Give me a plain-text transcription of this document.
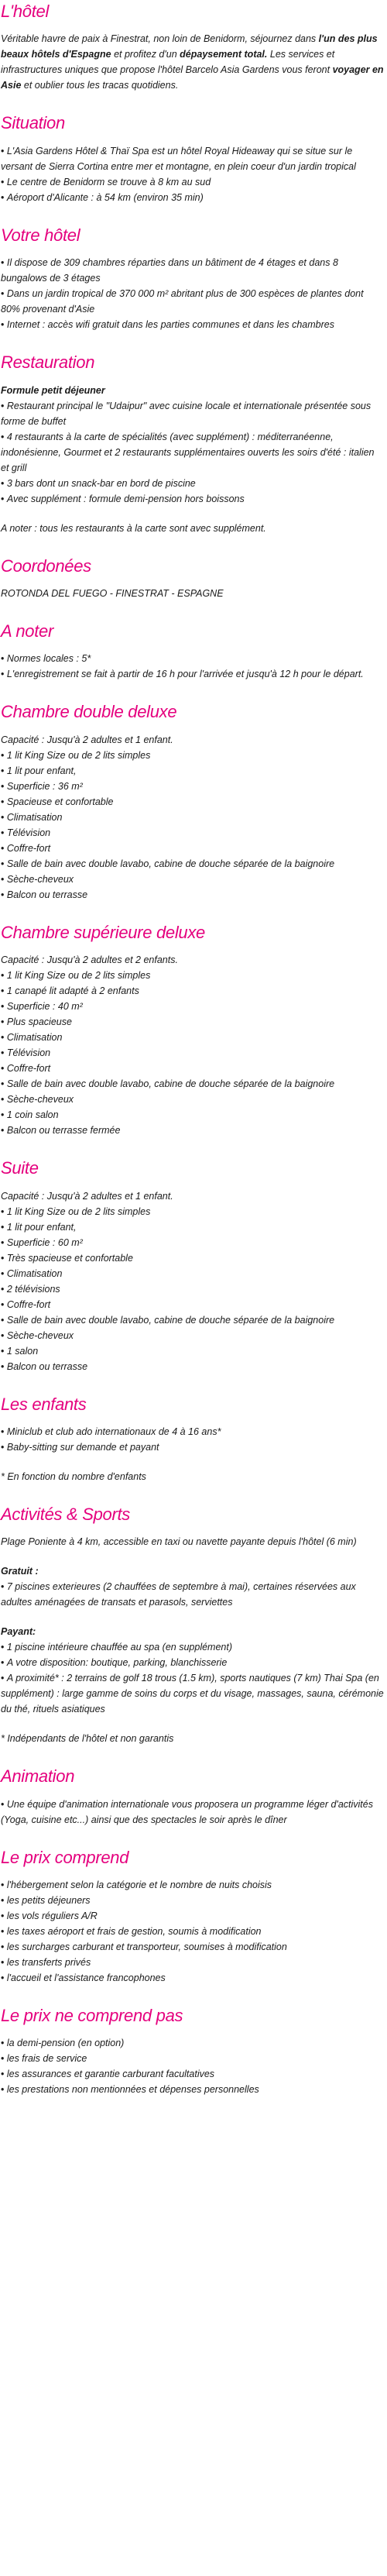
L'hôtel

Véritable havre de paix à Finestrat, non loin de Benidorm, séjournez dans l'un des plus beaux hôtels d'Espagne et profitez d'un dépaysement total. Les services et infrastructures uniques que propose l'hôtel Barcelo Asia Gardens vous feront voyager en Asie et oublier tous les tracas quotidiens.

Situation
• L'Asia Gardens Hôtel & Thaï Spa est un hôtel Royal Hideaway qui se situe sur le versant de Sierra Cortina entre mer et montagne, en plein coeur d'un jardin tropical
• Le centre de Benidorm se trouve à 8 km au sud
• Aéroport d'Alicante : à 54 km (environ 35 min)
Votre hôtel
• Il dispose de 309 chambres réparties dans un bâtiment de 4 étages et dans 8 bungalows de 3 étages
• Dans un jardin tropical de 370 000 m² abritant plus de 300 espèces de plantes dont 80% provenant d'Asie
• Internet : accès wifi gratuit dans les parties communes et dans les chambres
Restauration

Formule petit déjeuner

• Restaurant principal le "Udaipur" avec cuisine locale et internationale présentée sous forme de buffet
• 4 restaurants à la carte de spécialités (avec supplément) : méditerranéenne, indonésienne, Gourmet et 2 restaurants supplémentaires ouverts les soirs d'été : italien et grill
• 3 bars dont un snack-bar en bord de piscine
• Avec supplément : formule demi-pension hors boissons

A noter : tous les restaurants à la carte sont avec supplément.

Coordonées

ROTONDA DEL FUEGO - FINESTRAT - ESPAGNE

A noter
• Normes locales : 5*
• L'enregistrement se fait à partir de 16 h pour l'arrivée et jusqu'à 12 h pour le départ.
Chambre double deluxe

Capacité : Jusqu'à 2 adultes et 1 enfant.

• 1 lit King Size ou de 2 lits simples
• 1 lit pour enfant,
• Superficie : 36 m²
• Spacieuse et confortable
• Climatisation
• Télévision
• Coffre-fort
• Salle de bain avec double lavabo, cabine de douche séparée de la baignoire
• Sèche-cheveux
• Balcon ou terrasse
Chambre supérieure deluxe

Capacité : Jusqu'à 2 adultes et 2 enfants.

• 1 lit King Size ou de 2 lits simples
• 1 canapé lit adapté à 2 enfants
• Superficie : 40 m²
• Plus spacieuse
• Climatisation
• Télévision
• Coffre-fort
• Salle de bain avec double lavabo, cabine de douche séparée de la baignoire
• Sèche-cheveux
• 1 coin salon
• Balcon ou terrasse fermée
Suite

Capacité : Jusqu'à 2 adultes et 1 enfant.

• 1 lit King Size ou de 2 lits simples
• 1 lit pour enfant,
• Superficie : 60 m²
• Très spacieuse et confortable
• Climatisation
• 2 télévisions
• Coffre-fort
• Salle de bain avec double lavabo, cabine de douche séparée de la baignoire
• Sèche-cheveux
• 1 salon
• Balcon ou terrasse
Les enfants
• Miniclub et club ado internationaux de 4 à 16 ans*
• Baby-sitting sur demande et payant

* En fonction du nombre d'enfants

Activités & Sports

Plage Poniente à 4 km, accessible en taxi ou navette payante depuis l'hôtel (6 min)

Gratuit :

• 7 piscines exterieures (2 chauffées de septembre à mai), certaines réservées aux adultes aménagées de transats et parasols, serviettes

Payant:

• 1 piscine intérieure chauffée au spa (en supplément)
• A votre disposition: boutique, parking, blanchisserie
• A proximité* : 2 terrains de golf 18 trous (1.5 km), sports nautiques (7 km) Thai Spa (en supplément) : large gamme de soins du corps et du visage, massages, sauna, cérémonie du thé, rituels asiatiques

* Indépendants de l'hôtel et non garantis

Animation
• Une équipe d'animation internationale vous proposera un programme léger d'activités (Yoga, cuisine etc...) ainsi que des spectacles le soir après le dîner
Le prix comprend
• l'hébergement selon la catégorie et le nombre de nuits choisis
• les petits déjeuners
• les vols réguliers A/R
• les taxes aéroport et frais de gestion, soumis à modification
• les surcharges carburant et transporteur, soumises à modification
• les transferts privés
• l'accueil et l'assistance francophones
Le prix ne comprend pas
• la demi-pension (en option)
• les frais de service
• les assurances et garantie carburant facultatives
• les prestations non mentionnées et dépenses personnelles
